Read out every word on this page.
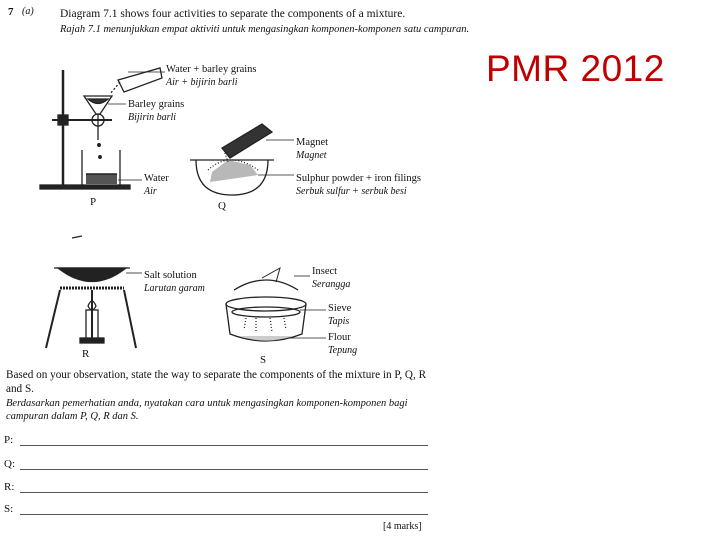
7 (a) Diagram 7.1 shows four activities to separate the components of a mixture.
Rajah 7.1 menunjukkan empat aktiviti untuk mengasingkan komponen-komponen satu campuran.
PMR 2012
Water + barley grains
Air + bijirin barli
Barley grains
Bijirin barli
Water
Air
P
Magnet
Magnet
Sulphur powder + iron filings
Serbuk sulfur + serbuk besi
Q
Salt solution
Larutan garam
R
Insect
Serangga
Sieve
Tapis
Flour
Tepung
S
Based on your observation, state the way to separate the components of the mixture in P, Q, R and S.
Berdasarkan pemerhatian anda, nyatakan cara untuk mengasingkan komponen-komponen bagi campuran dalam P, Q, R dan S.
P:
Q:
R:
S:
[4 marks]
